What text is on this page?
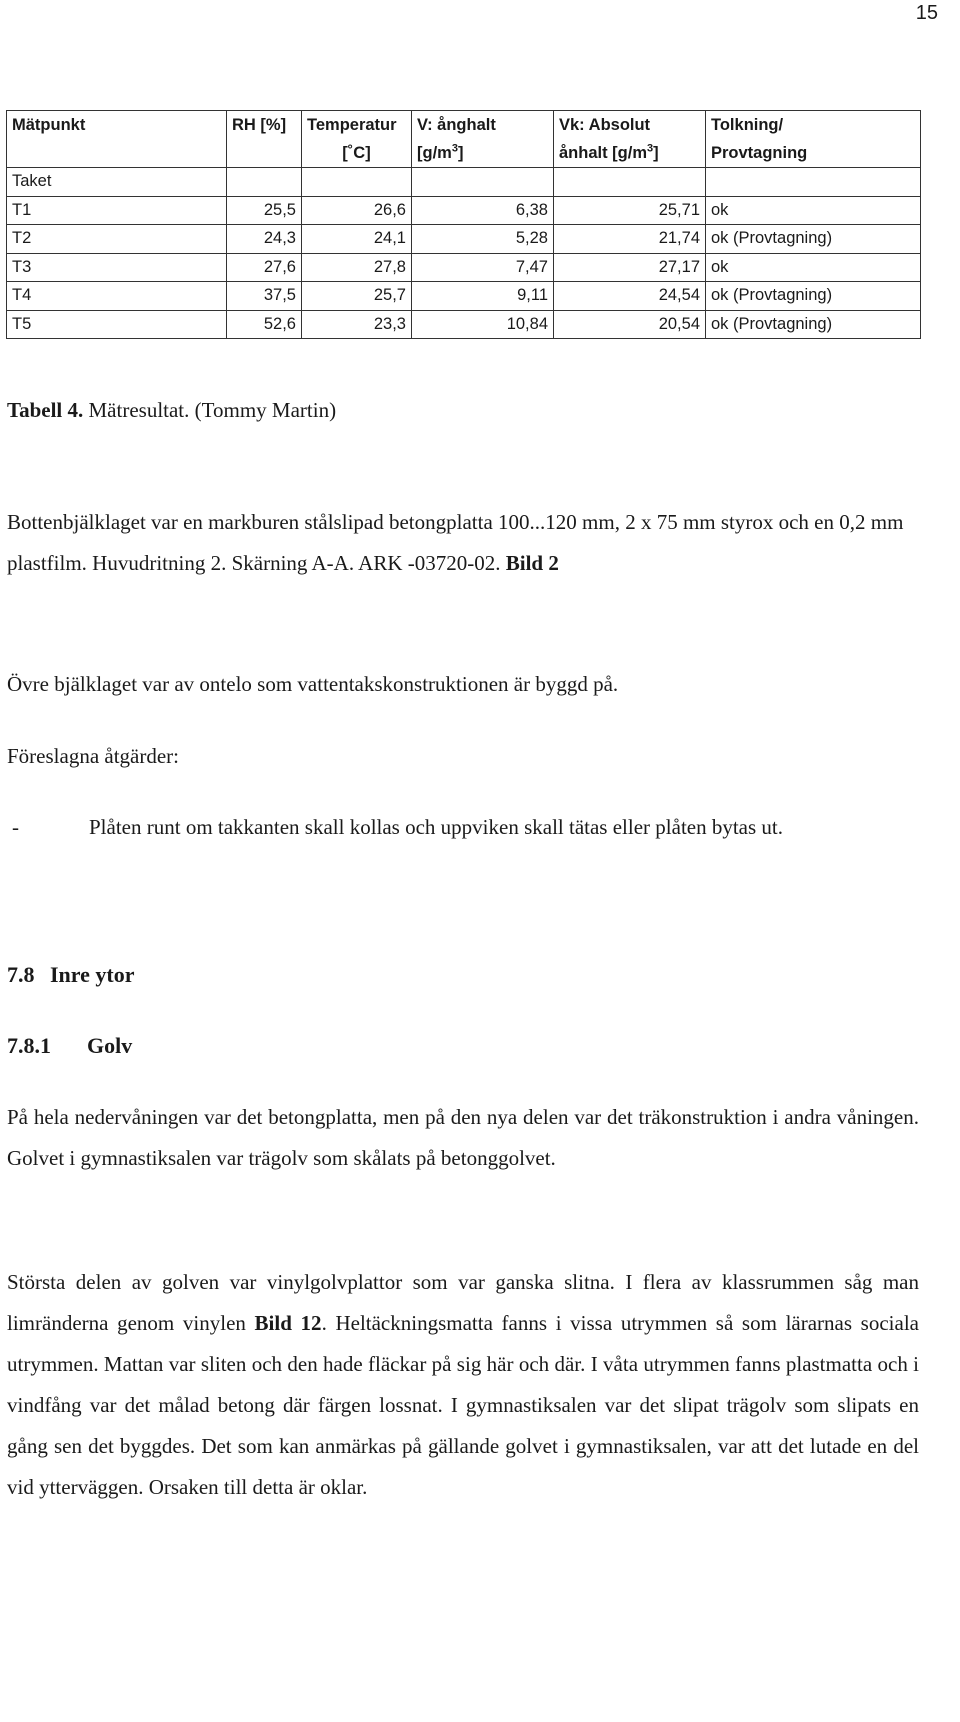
15
Mätpunkt	RH [%]	Temperatur	V: ånghalt	Vk: Absolut	Tolkning/
		[˚C]	$[g/m^3]$	ånhalt $[g/m^3]$	Provtagning
Taket					
T1	25,5	26,6	6,38	25,71	ok
T2	24,3	24,1	5,28	21,74	ok (Provtagning)
T3	27,6	27,8	7,47	27,17	ok
T4	37,5	25,7	9,11	24,54	ok (Provtagning)
T5	52,6	23,3	10,84	20,54	ok (Provtagning)
Tabell 4. Mätresultat. (Tommy Martin)
Bottenbjälklaget var en markburen stålslipad betongplatta 100...120 mm, 2 x 75 mm styrox och en 0,2 mm plastfilm. Huvudritning 2. Skärning A-A. ARK -03720-02. Bild 2
Övre bjälklaget var av ontelo som vattentakskonstruktionen är byggd på.
Föreslagna åtgärder:
-	Plåten runt om takkanten skall kollas och uppviken skall tätas eller plåten bytas ut.
7.8 Inre ytor
7.8.1 Golv
På hela nedervåningen var det betongplatta, men på den nya delen var det träkonstruktion i andra våningen. Golvet i gymnastiksalen var trägolv som skålats på betonggolvet.
Största delen av golven var vinylgolvplattor som var ganska slitna. I flera av klassrummen såg man limränderna genom vinylen Bild 12. Heltäckningsmatta fanns i vissa utrymmen så som lärarnas sociala utrymmen. Mattan var sliten och den hade fläckar på sig här och där. I våta utrymmen fanns plastmatta och i vindfång var det målad betong där färgen lossnat. I gymnastiksalen var det slipat trägolv som slipats en gång sen det byggdes. Det som kan anmärkas på gällande golvet i gymnastiksalen, var att det lutade en del vid ytterväggen. Orsaken till detta är oklar.
